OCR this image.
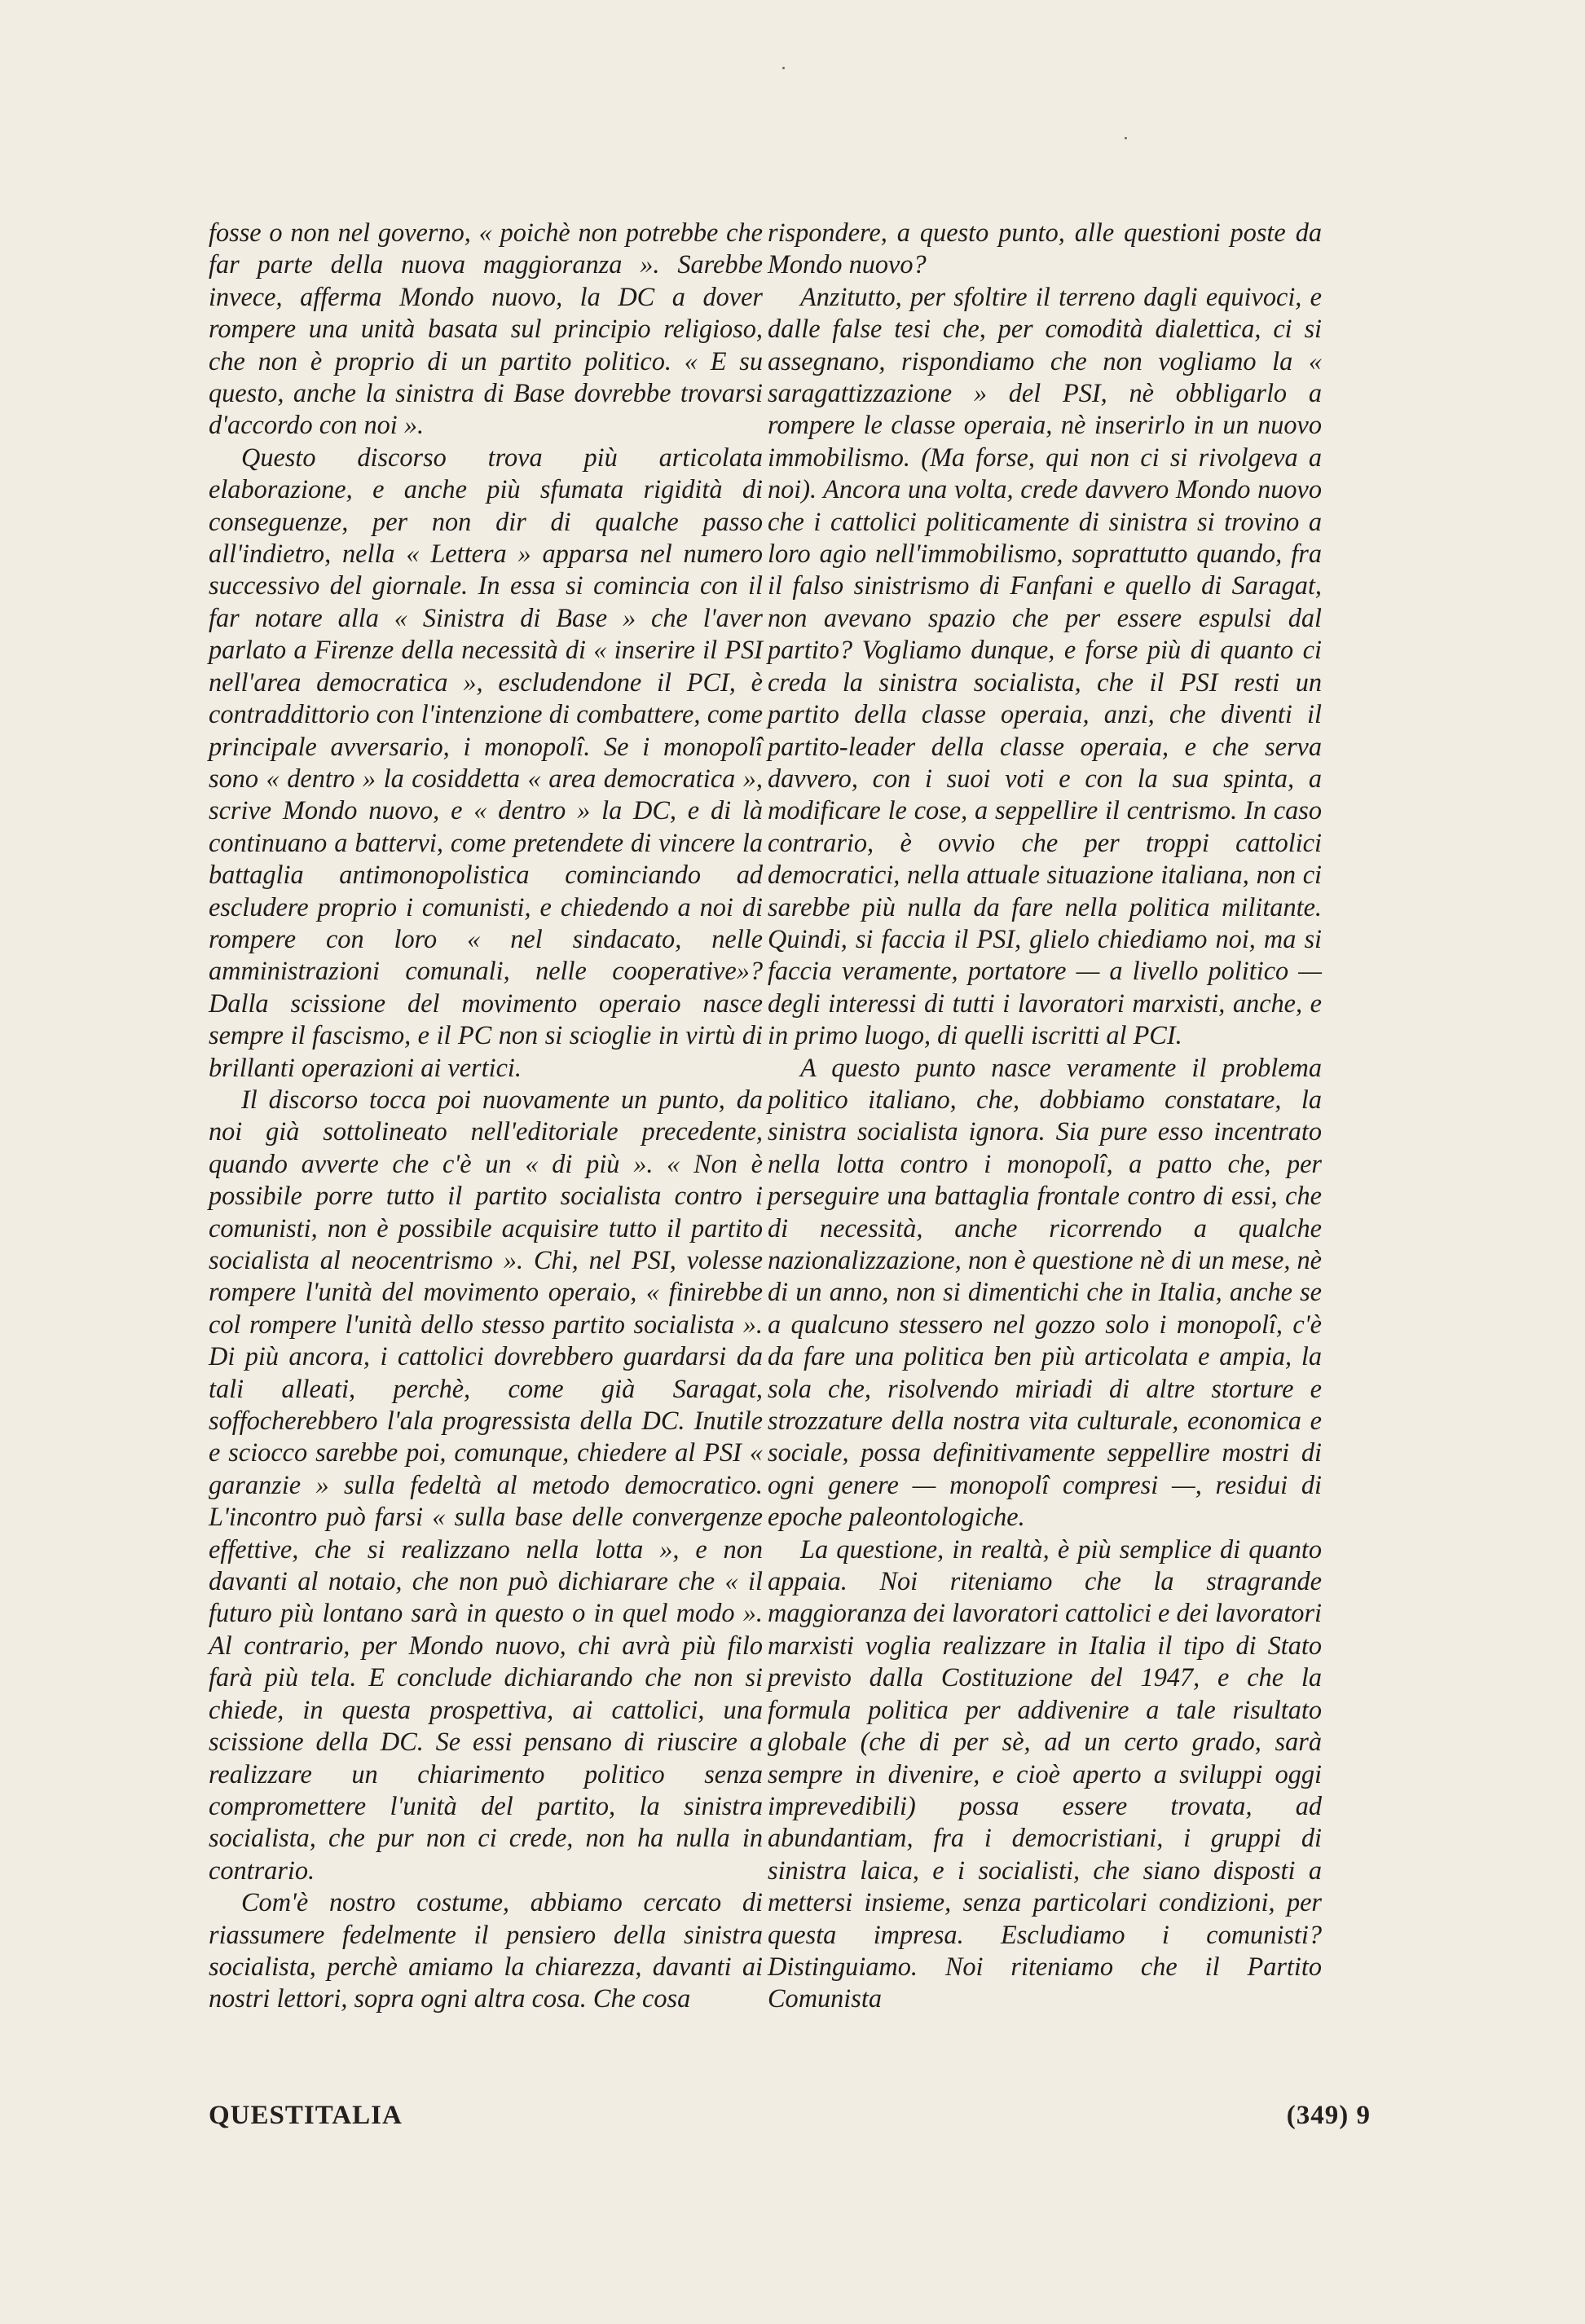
fosse o non nel governo, « poichè non potrebbe che far parte della nuova maggioranza ». Sarebbe invece, afferma Mondo nuovo, la DC a dover rompere una unità basata sul principio religioso, che non è proprio di un partito politico. « E su questo, anche la sinistra di Base dovrebbe trovarsi d'accordo con noi ».

Questo discorso trova più articolata elaborazione, e anche più sfumata rigidità di conseguenze, per non dir di qualche passo all'indietro, nella « Lettera » apparsa nel numero successivo del giornale. In essa si comincia con il far notare alla « Sinistra di Base » che l'aver parlato a Firenze della necessità di « inserire il PSI nell'area democratica », escludendone il PCI, è contraddittorio con l'intenzione di combattere, come principale avversario, i monopolî. Se i monopolî sono « dentro » la cosiddetta « area democratica », scrive Mondo nuovo, e « dentro » la DC, e di là continuano a battervi, come pretendete di vincere la battaglia antimonopolistica cominciando ad escludere proprio i comunisti, e chiedendo a noi di rompere con loro « nel sindacato, nelle amministrazioni comunali, nelle cooperative»? Dalla scissione del movimento operaio nasce sempre il fascismo, e il PC non si scioglie in virtù di brillanti operazioni ai vertici.

Il discorso tocca poi nuovamente un punto, da noi già sottolineato nell'editoriale precedente, quando avverte che c'è un « di più ». « Non è possibile porre tutto il partito socialista contro i comunisti, non è possibile acquisire tutto il partito socialista al neocentrismo ». Chi, nel PSI, volesse rompere l'unità del movimento operaio, « finirebbe col rompere l'unità dello stesso partito socialista ». Di più ancora, i cattolici dovrebbero guardarsi da tali alleati, perchè, come già Saragat, soffocherebbero l'ala progressista della DC. Inutile e sciocco sarebbe poi, comunque, chiedere al PSI « garanzie » sulla fedeltà al metodo democratico. L'incontro può farsi « sulla base delle convergenze effettive, che si realizzano nella lotta », e non davanti al notaio, che non può dichiarare che « il futuro più lontano sarà in questo o in quel modo ». Al contrario, per Mondo nuovo, chi avrà più filo farà più tela. E conclude dichiarando che non si chiede, in questa prospettiva, ai cattolici, una scissione della DC. Se essi pensano di riuscire a realizzare un chiarimento politico senza compromettere l'unità del partito, la sinistra socialista, che pur non ci crede, non ha nulla in contrario.

Com'è nostro costume, abbiamo cercato di riassumere fedelmente il pensiero della sinistra socialista, perchè amiamo la chiarezza, davanti ai nostri lettori, sopra ogni altra cosa. Che cosa

rispondere, a questo punto, alle questioni poste da Mondo nuovo?

Anzitutto, per sfoltire il terreno dagli equivoci, e dalle false tesi che, per comodità dialettica, ci si assegnano, rispondiamo che non vogliamo la « saragattizzazione » del PSI, nè obbligarlo a rompere le classe operaia, nè inserirlo in un nuovo immobilismo. (Ma forse, qui non ci si rivolgeva a noi). Ancora una volta, crede davvero Mondo nuovo che i cattolici politicamente di sinistra si trovino a loro agio nell'immobilismo, soprattutto quando, fra il falso sinistrismo di Fanfani e quello di Saragat, non avevano spazio che per essere espulsi dal partito? Vogliamo dunque, e forse più di quanto ci creda la sinistra socialista, che il PSI resti un partito della classe operaia, anzi, che diventi il partito-leader della classe operaia, e che serva davvero, con i suoi voti e con la sua spinta, a modificare le cose, a seppellire il centrismo. In caso contrario, è ovvio che per troppi cattolici democratici, nella attuale situazione italiana, non ci sarebbe più nulla da fare nella politica militante. Quindi, si faccia il PSI, glielo chiediamo noi, ma si faccia veramente, portatore — a livello politico — degli interessi di tutti i lavoratori marxisti, anche, e in primo luogo, di quelli iscritti al PCI.

A questo punto nasce veramente il problema politico italiano, che, dobbiamo constatare, la sinistra socialista ignora. Sia pure esso incentrato nella lotta contro i monopolî, a patto che, per perseguire una battaglia frontale contro di essi, che di necessità, anche ricorrendo a qualche nazionalizzazione, non è questione nè di un mese, nè di un anno, non si dimentichi che in Italia, anche se a qualcuno stessero nel gozzo solo i monopolî, c'è da fare una politica ben più articolata e ampia, la sola che, risolvendo miriadi di altre storture e strozzature della nostra vita culturale, economica e sociale, possa definitivamente seppellire mostri di ogni genere — monopolî compresi —, residui di epoche paleontologiche.

La questione, in realtà, è più semplice di quanto appaia. Noi riteniamo che la stragrande maggioranza dei lavoratori cattolici e dei lavoratori marxisti voglia realizzare in Italia il tipo di Stato previsto dalla Costituzione del 1947, e che la formula politica per addivenire a tale risultato globale (che di per sè, ad un certo grado, sarà sempre in divenire, e cioè aperto a sviluppi oggi imprevedibili) possa essere trovata, ad abundantiam, fra i democristiani, i gruppi di sinistra laica, e i socialisti, che siano disposti a mettersi insieme, senza particolari condizioni, per questa impresa. Escludiamo i comunisti? Distinguiamo. Noi riteniamo che il Partito Comunista

QUESTITALIA	(349) 9
